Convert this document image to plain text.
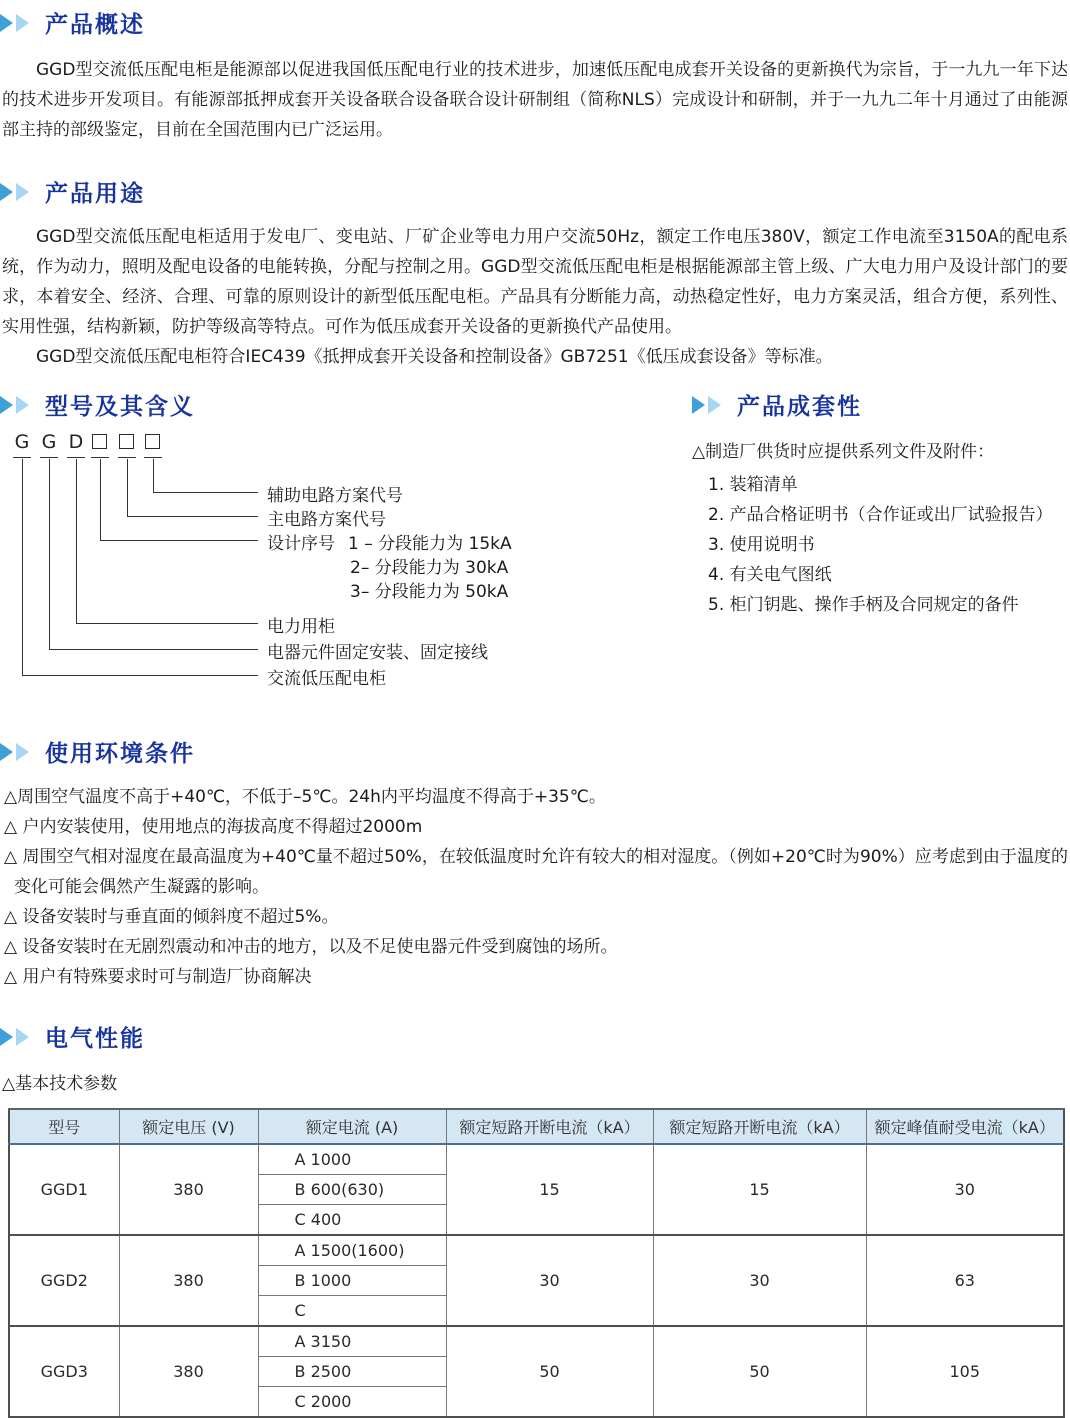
产品概述

GGD型交流低压配电柜是能源部以促进我国低压配电行业的技术进步，加速低压配电成套开关设备的更新换代为宗旨，于一九九一年下达的技术进步开发项目。有能源部抵押成套开关设备联合设备联合设计研制组（简称NLS）完成设计和研制，并于一九九二年十月通过了由能源部主持的部级鉴定，目前在全国范围内已广泛运用。

产品用途

GGD型交流低压配电柜适用于发电厂、变电站、厂矿企业等电力用户交流50Hz，额定工作电压380V，额定工作电流至3150A的配电系统，作为动力，照明及配电设备的电能转换，分配与控制之用。GGD型交流低压配电柜是根据能源部主管上级、广大电力用户及设计部门的要求，本着安全、经济、合理、可靠的原则设计的新型低压配电柜。产品具有分断能力高，动热稳定性好，电力方案灵活，组合方便，系列性、实用性强，结构新颖，防护等级高等特点。可作为低压成套开关设备的更新换代产品使用。

GGD型交流低压配电柜符合IEC439《抵押成套开关设备和控制设备》GB7251《低压成套设备》等标准。

型号及其含义
G G D
辅助电路方案代号
主电路方案代号
设计序号 1 – 分段能力为 15kA
2– 分段能力为 30kA
3– 分段能力为 50kA
电力用柜
电器元件固定安装、固定接线
交流低压配电柜
产品成套性
△制造厂供货时应提供系列文件及附件：
1. 装箱清单
2. 产品合格证明书（合作证或出厂试验报告）
3. 使用说明书
4. 有关电气图纸
5. 柜门钥匙、操作手柄及合同规定的备件
使用环境条件
△周围空气温度不高于+40℃，不低于–5℃。24h内平均温度不得高于+35℃。
△ 户内安装使用，使用地点的海拔高度不得超过2000m
△ 周围空气相对湿度在最高温度为+40℃量不超过50%，在较低温度时允许有较大的相对湿度。（例如+20℃时为90%）应考虑到由于温度的变化可能会偶然产生凝露的影响。
△ 设备安装时与垂直面的倾斜度不超过5%。
△ 设备安装时在无剧烈震动和冲击的地方，以及不足使电器元件受到腐蚀的场所。
△ 用户有特殊要求时可与制造厂协商解决
电气性能
△基本技术参数
型号	额定电压 (V)	额定电流 (A)	额定短路开断电流（kA）	额定短路开断电流（kA）	额定峰值耐受电流（kA）
GGD1	380	A 1000	15	15	30
		B 600(630)			
		C 400			
GGD2	380	A 1500(1600)	30	30	63
		B 1000			
		C			
GGD3	380	A 3150	50	50	105
		B 2500			
		C 2000			
